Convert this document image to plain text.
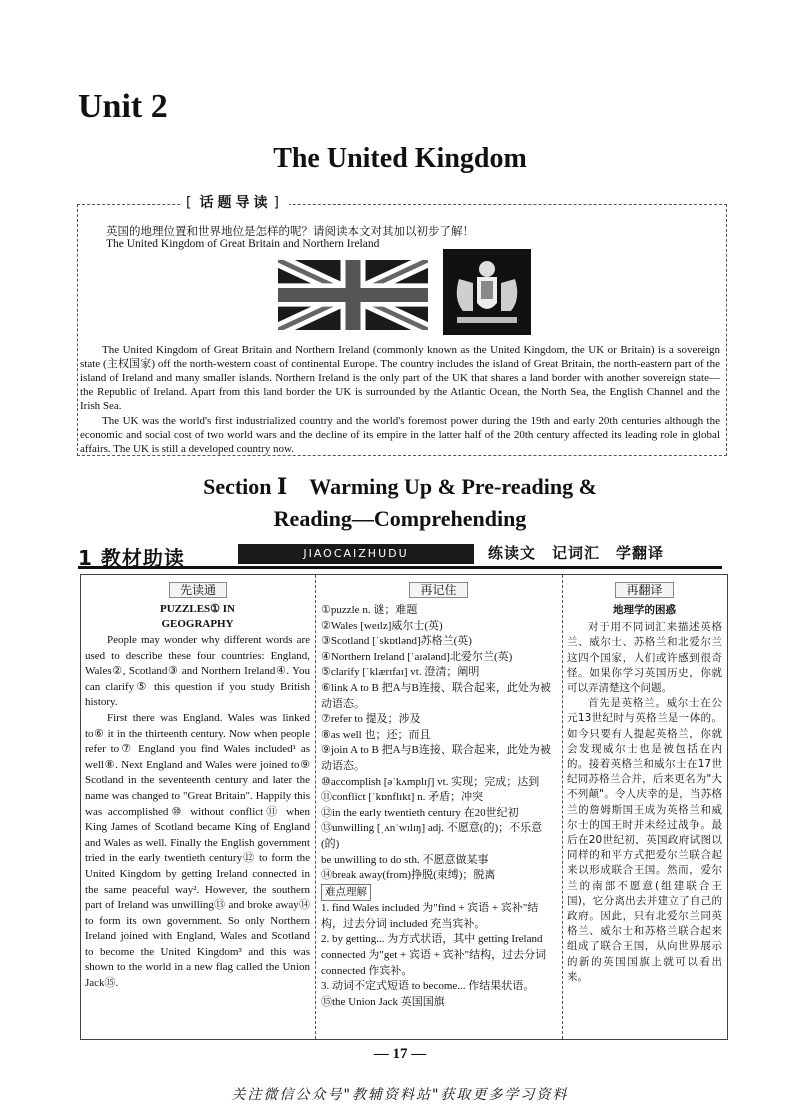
Unit 2
The United Kingdom
[ 话题导读 ]
英国的地理位置和世界地位是怎样的呢？请阅读本文对其加以初步了解！
The United Kingdom of Great Britain and Northern Ireland
The United Kingdom of Great Britain and Northern Ireland (commonly known as the United Kingdom, the UK or Britain) is a sovereign state (主权国家) off the north-western coast of continental Europe. The country includes the island of Great Britain, the north-eastern part of the island of Ireland and many smaller islands. Northern Ireland is the only part of the UK that shares a land border with another sovereign state—the Republic of Ireland. Apart from this land border the UK is surrounded by the Atlantic Ocean, the North Sea, the English Channel and the Irish Sea.
The UK was the world's first industrialized country and the world's foremost power during the 19th and early 20th centuries although the economic and social cost of two world wars and the decline of its empire in the latter half of the 20th century affected its leading role in global affairs. The UK is still a developed country now.
Section Ⅰ　Warming Up & Pre-reading &
Reading—Comprehending
1 教材助读	JIAOCAIZHUDU	练读文　记词汇　学翻译
先读通	再记住	再翻译
PUZZLES① IN
GEOGRAPHY

People may wonder why different words are used to describe these four countries: England, Wales②, Scotland③ and Northern Ireland④. You can clarify⑤ this question if you study British history.

First there was England. Wales was linked to⑥ it in the thirteenth century. Now when people refer to⑦ England you find Wales included¹ as well⑧. Next England and Wales were joined to⑨ Scotland in the seventeenth century and later the name was changed to "Great Britain". Happily this was accomplished⑩ without conflict⑪ when King James of Scotland became King of England and Wales as well. Finally the English government tried in the early twentieth century⑫ to form the United Kingdom by getting Ireland connected in the same peaceful way². However, the southern part of Ireland was unwilling⑬ and broke away⑭ to form its own government. So only Northern Ireland joined with England, Wales and Scotland to become the United Kingdom³ and this was shown to the world in a new flag called the Union Jack⑮.

①puzzle n. 谜；难题
②Wales [weɪlz]威尔士(英)
③Scotland [ˈskɒtlənd]苏格兰(英)
④Northern Ireland [ˈaɪələnd]北爱尔兰(英)
⑤clarify [ˈklærɪfaɪ] vt. 澄清；阐明
⑥link A to B 把A与B连接、联合起来，此处为被动语态。
⑦refer to 提及；涉及
⑧as well 也；还；而且
⑨join A to B 把A与B连接、联合起来，此处为被动语态。
⑩accomplish [əˈkʌmplɪʃ] vt. 实现；完成；达到
⑪conflict [ˈkɒnflɪkt] n. 矛盾；冲突
⑫in the early twentieth century 在20世纪初
⑬unwilling [ˌʌnˈwɪlɪŋ] adj. 不愿意(的)；不乐意(的)
be unwilling to do sth. 不愿意做某事
⑭break away(from)挣脱(束缚)；脱离
难点理解
1. find Wales included 为"find + 宾语 + 宾补"结构，过去分词 included 充当宾补。
2. by getting... 为方式状语，其中 getting Ireland connected 为"get + 宾语 + 宾补"结构，过去分词 connected 作宾补。
3. 动词不定式短语 to become... 作结果状语。
⑮the Union Jack 英国国旗
地理学的困惑

对于用不同词汇来描述英格兰、威尔士、苏格兰和北爱尔兰这四个国家，人们或许感到很奇怪。如果你学习英国历史，你就可以弄清楚这个问题。

首先是英格兰。威尔士在公元13世纪时与英格兰是一体的。如今只要有人提起英格兰，你就会发现威尔士也是被包括在内的。接着英格兰和威尔士在17世纪同苏格兰合并，后来更名为"大不列颠"。令人庆幸的是，当苏格兰的詹姆斯国王成为英格兰和威尔士的国王时并未经过战争。最后在20世纪初，英国政府试图以同样的和平方式把爱尔兰联合起来以形成联合王国。然而，爱尔兰的南部不愿意(组建联合王国)，它分离出去并建立了自己的政府。因此，只有北爱尔兰同英格兰、威尔士和苏格兰联合起来组成了联合王国，从向世界展示的新的英国国旗上就可以看出来。

— 17 —
关注微信公众号"教辅资料站"获取更多学习资料
